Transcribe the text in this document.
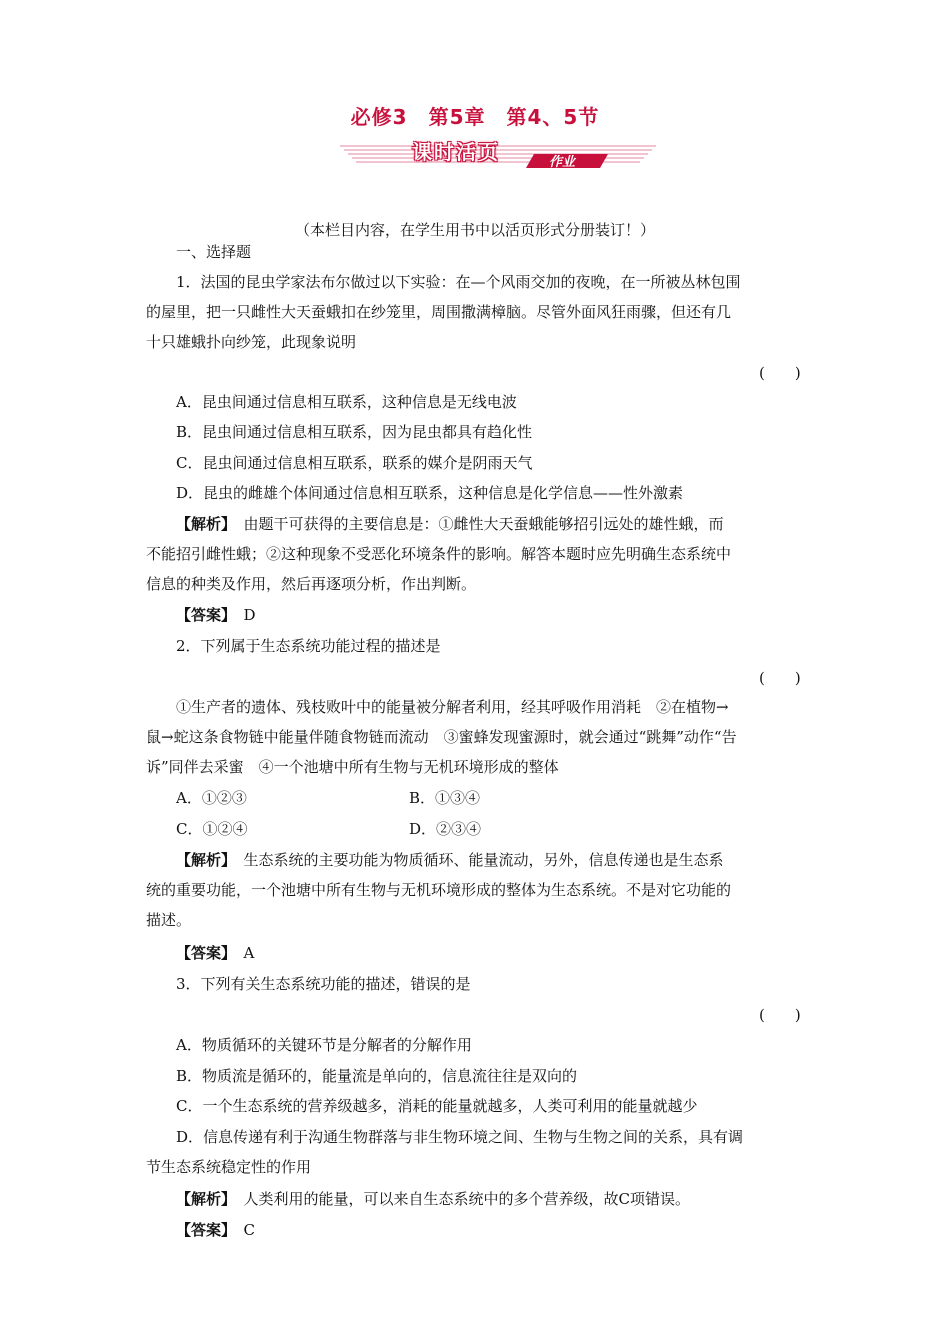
必修3　第5章　第4、5节
课时活页	作业
（本栏目内容，在学生用书中以活页形式分册装订！）
一、选择题
1．法国的昆虫学家法布尔做过以下实验：在—个风雨交加的夜晚，在一所被丛林包围
的屋里，把一只雌性大天蚕蛾扣在纱笼里，周围撒满樟脑。尽管外面风狂雨骤，但还有几
十只雄蛾扑向纱笼，此现象说明
(　　)
A．昆虫间通过信息相互联系，这种信息是无线电波
B．昆虫间通过信息相互联系，因为昆虫都具有趋化性
C．昆虫间通过信息相互联系，联系的媒介是阴雨天气
D．昆虫的雌雄个体间通过信息相互联系，这种信息是化学信息——性外激素
【解析】　由题干可获得的主要信息是：①雌性大天蚕蛾能够招引远处的雄性蛾，而
不能招引雌性蛾；②这种现象不受恶化环境条件的影响。解答本题时应先明确生态系统中
信息的种类及作用，然后再逐项分析，作出判断。
【答案】　D
2．下列属于生态系统功能过程的描述是
(　　)
①生产者的遗体、残枝败叶中的能量被分解者利用，经其呼吸作用消耗　②在植物→
鼠→蛇这条食物链中能量伴随食物链而流动　③蜜蜂发现蜜源时，就会通过“跳舞”动作“告
诉”同伴去采蜜　④一个池塘中所有生物与无机环境形成的整体
A．①②③	B．①③④
C．①②④	D．②③④
【解析】　生态系统的主要功能为物质循环、能量流动，另外，信息传递也是生态系
统的重要功能，一个池塘中所有生物与无机环境形成的整体为生态系统。不是对它功能的
描述。
【答案】　A
3．下列有关生态系统功能的描述，错误的是
(　　)
A．物质循环的关键环节是分解者的分解作用
B．物质流是循环的，能量流是单向的，信息流往往是双向的
C．一个生态系统的营养级越多，消耗的能量就越多，人类可利用的能量就越少
D．信息传递有利于沟通生物群落与非生物环境之间、生物与生物之间的关系，具有调
节生态系统稳定性的作用
【解析】　人类利用的能量，可以来自生态系统中的多个营养级，故C项错误。
【答案】　C
